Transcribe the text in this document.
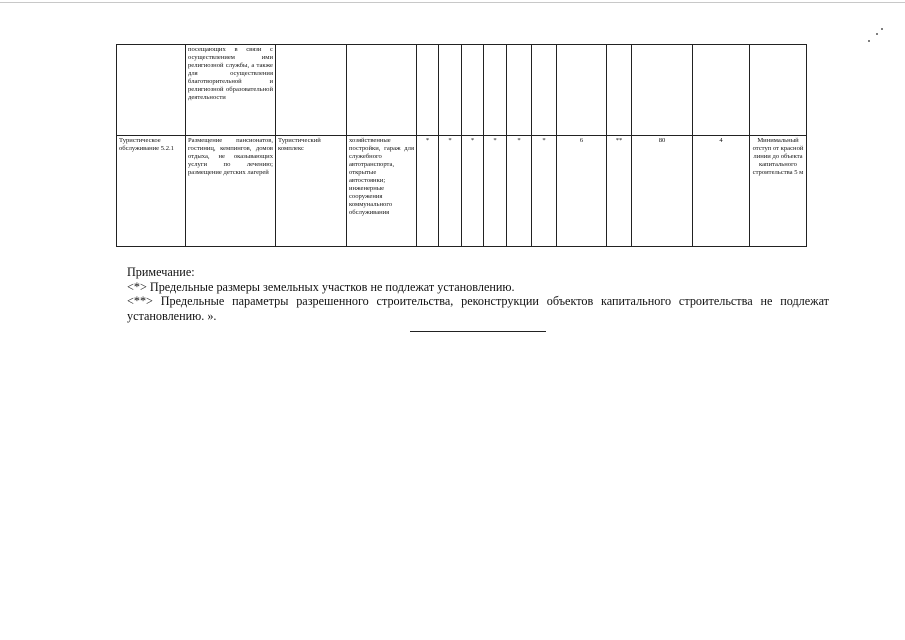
	посещающих в связи с осуществлением ими религиозной службы, а также для осуществления благотворительной и религиозной образовательной деятельности													
Туристическое обслуживание 5.2.1	Размещение пансионатов, гостиниц, кемпингов, домов отдыха, не оказывающих услуги по лечению; размещение детских лагерей	Туристический комплекс	хозяйственные постройки, гараж для служебного автотранспорта, открытые автостоянки; инженерные сооружения коммунального обслуживания	*	*	*	*	*	*	6	**	80	4	Минимальный отступ от красной линии до объекта капитального строительства 5 м

Примечание:

<*> Предельные размеры земельных участков не подлежат установлению.

<**> Предельные параметры разрешенного строительства, реконструкции объектов капитального строительства не подлежат установлению. ».
